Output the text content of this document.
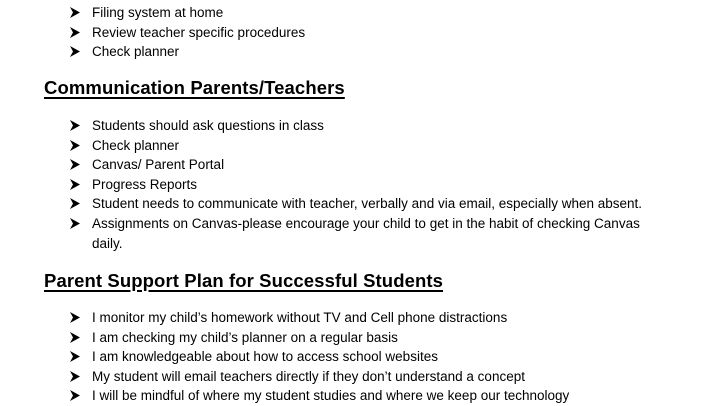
Filing system at home
Review teacher specific procedures
Check planner
Communication Parents/Teachers
Students should ask questions in class
Check planner
Canvas/ Parent Portal
Progress Reports
Student needs to communicate with teacher, verbally and via email, especially when absent.
Assignments on Canvas-please encourage your child to get in the habit of checking Canvas daily.
Parent Support Plan for Successful Students
I monitor my child’s homework without TV and Cell phone distractions
I am checking my child’s planner on a regular basis
I am knowledgeable about how to access school websites
My student will email teachers directly if they don’t understand a concept
I will be mindful of where my student studies and where we keep our technology
